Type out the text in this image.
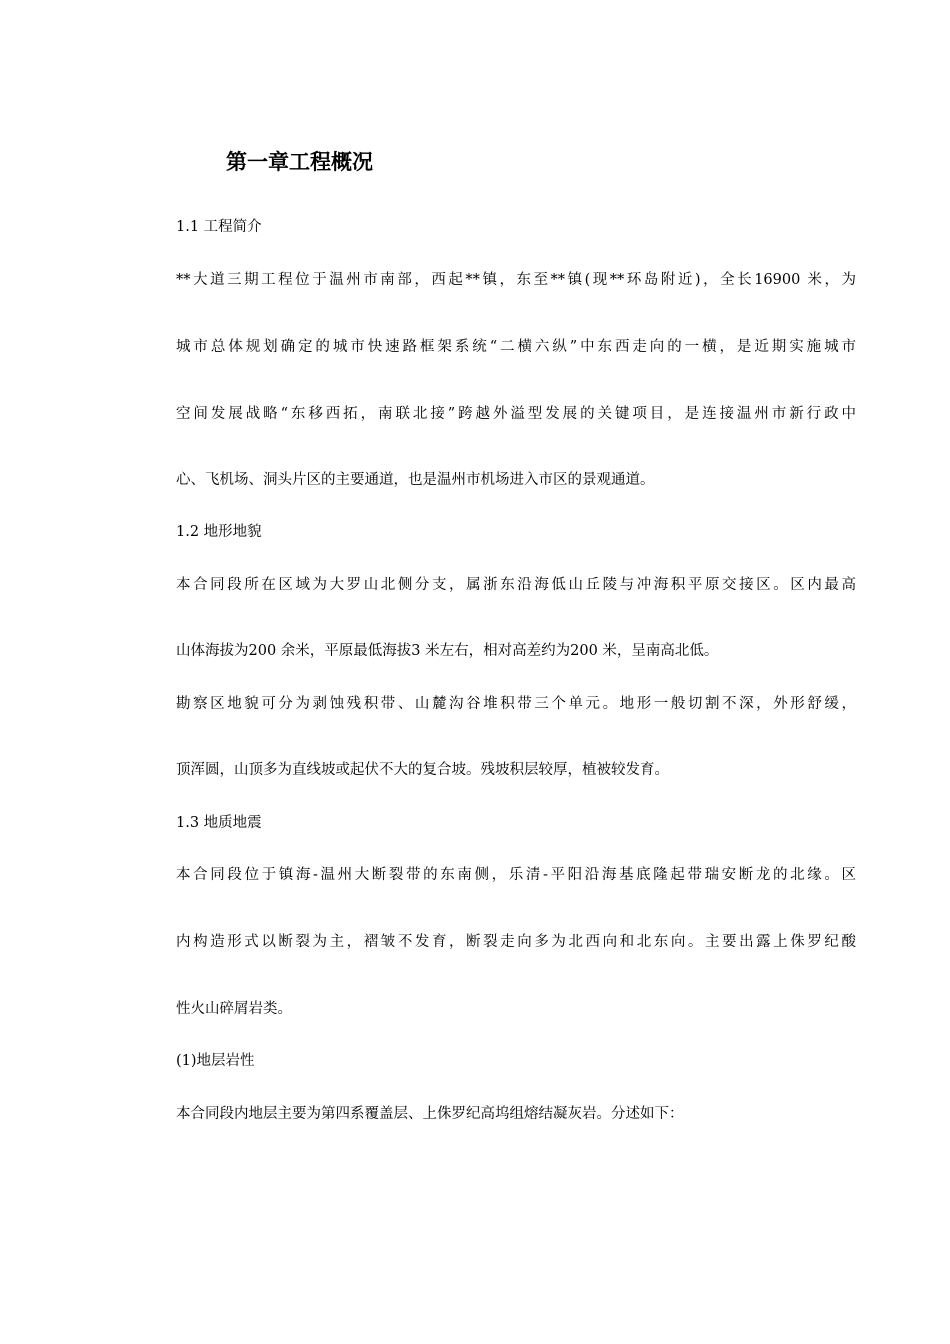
第一章工程概况
1.1 工程简介
**大道三期工程位于温州市南部，西起**镇，东至**镇(现**环岛附近)，全长16900 米，为
城市总体规划确定的城市快速路框架系统“二横六纵”中东西走向的一横，是近期实施城市
空间发展战略“东移西拓，南联北接”跨越外溢型发展的关键项目，是连接温州市新行政中
心、飞机场、洞头片区的主要通道，也是温州市机场进入市区的景观通道。
1.2 地形地貌
本合同段所在区域为大罗山北侧分支，属浙东沿海低山丘陵与冲海积平原交接区。区内最高
山体海拔为200 余米，平原最低海拔3 米左右，相对高差约为200 米，呈南高北低。
勘察区地貌可分为剥蚀残积带、山麓沟谷堆积带三个单元。地形一般切割不深，外形舒缓，
顶浑圆，山顶多为直线坡或起伏不大的复合坡。残坡积层较厚，植被较发育。
1.3 地质地震
本合同段位于镇海-温州大断裂带的东南侧，乐清-平阳沿海基底隆起带瑞安断龙的北缘。区
内构造形式以断裂为主，褶皱不发育，断裂走向多为北西向和北东向。主要出露上侏罗纪酸
性火山碎屑岩类。
(1)地层岩性
本合同段内地层主要为第四系覆盖层、上侏罗纪高坞组熔结凝灰岩。分述如下：
